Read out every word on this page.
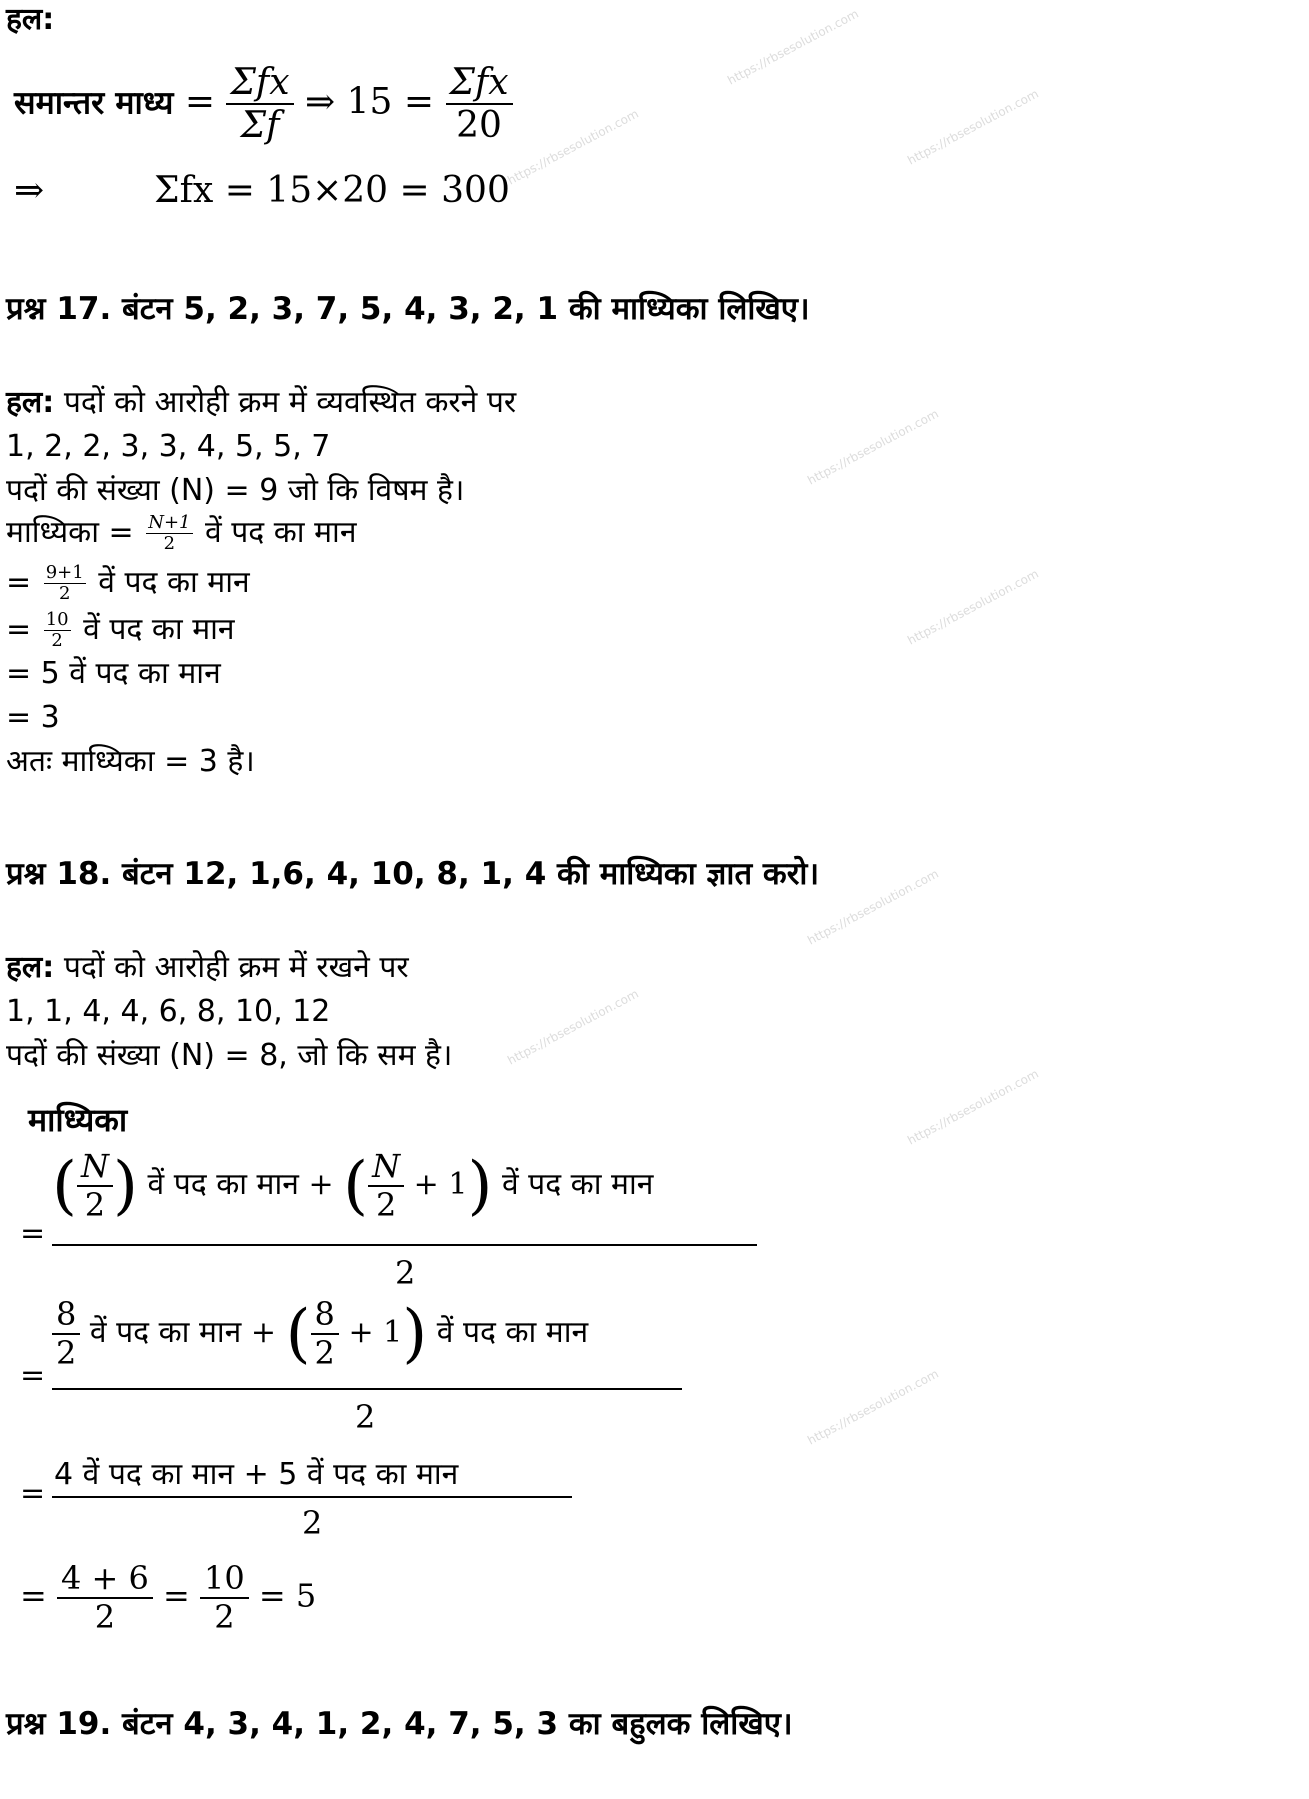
https://rbsesolution.com
https://rbsesolution.com
https://rbsesolution.com
https://rbsesolution.com
https://rbsesolution.com
https://rbsesolution.com
https://rbsesolution.com
https://rbsesolution.com
https://rbsesolution.com
हल:
समान्तर माध्य = $\frac{\text{Σfx}}{\Sigma f}$ ⇒ $15 = \frac{\text{Σfx}}{20}$
⇒	Σfx = 15×20 = 300
प्रश्न 17. बंटन 5, 2, 3, 7, 5, 4, 3, 2, 1 की माध्यिका लिखिए।
हल: पदों को आरोही क्रम में व्यवस्थित करने पर
1, 2, 2, 3, 3, 4, 5, 5, 7
पदों की संख्या (N) = 9 जो कि विषम है।
माध्यिका = $\frac{N+1}{2}$ वें पद का मान
= $\frac{9+1}{2}$ वें पद का मान
= $\frac{10}{2}$ वें पद का मान
= 5 वें पद का मान
= 3
अतः माध्यिका = 3 है।
प्रश्न 18. बंटन 12, 1,6, 4, 10, 8, 1, 4 की माध्यिका ज्ञात करो।
हल: पदों को आरोही क्रम में रखने पर
1, 1, 4, 4, 6, 8, 10, 12
पदों की संख्या (N) = 8, जो कि सम है।
माध्यिका
=
( $\frac{N}{2}$ ) वें पद का मान + ( $\frac{N}{2} + 1$) वें पद का मान
2
=
$\frac{8}{2}$ वें पद का मान + ( $\frac{8}{2} + 1$) वें पद का मान
2
=
4 वें पद का मान + 5 वें पद का मान
2
= $\frac{4 + 6}{2} = \frac{10}{2} = 5$
प्रश्न 19. बंटन 4, 3, 4, 1, 2, 4, 7, 5, 3 का बहुलक लिखिए।
